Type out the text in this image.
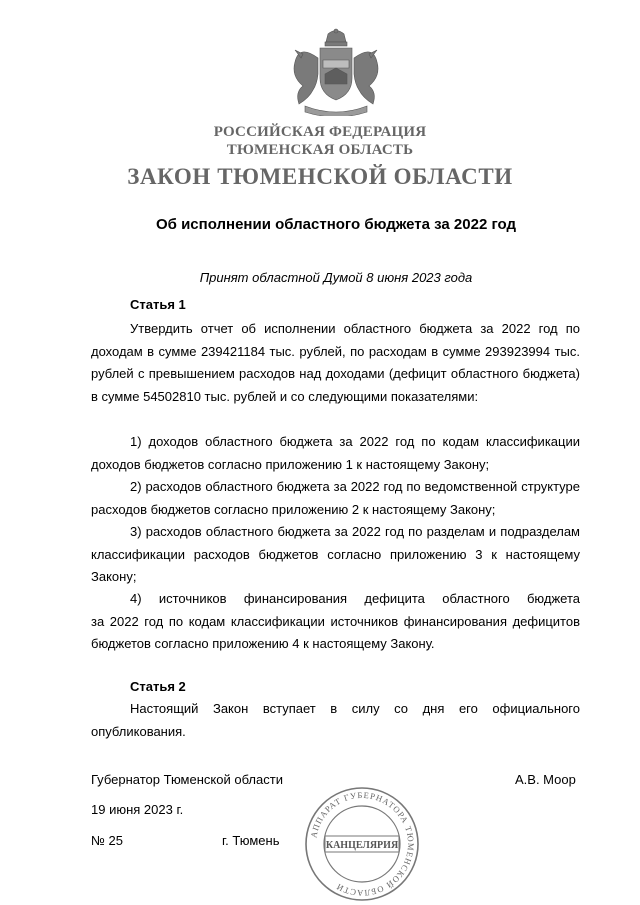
РОССИЙСКАЯ ФЕДЕРАЦИЯ
ТЮМЕНСКАЯ ОБЛАСТЬ
ЗАКОН ТЮМЕНСКОЙ ОБЛАСТИ
Об исполнении областного бюджета за 2022 год
Принят областной Думой 8 июня 2023 года
Статья 1

Утвердить отчет об исполнении областного бюджета за 2022 год по доходам в сумме 239421184 тыс. рублей, по расходам в сумме 293923994 тыс. рублей с превышением расходов над доходами (дефицит областного бюджета) в сумме 54502810 тыс. рублей и со следующими показателями:

1) доходов областного бюджета за 2022 год по кодам классификации доходов бюджетов согласно приложению 1 к настоящему Закону;

2) расходов областного бюджета за 2022 год по ведомственной структуре расходов бюджетов согласно приложению 2 к настоящему Закону;

3) расходов областного бюджета за 2022 год по разделам и подразделам классификации расходов бюджетов согласно приложению 3 к настоящему Закону;

4) источников финансирования дефицита областного бюджета
за 2022 год по кодам классификации источников финансирования дефицитов бюджетов согласно приложению 4 к настоящему Закону.
Статья 2

Настоящий Закон вступает в силу со дня его официального опубликования.

Губернатор Тюменской области	А.В. Моор
19 июня 2023 г.
№ 25	г. Тюмень	АППАРАТ ГУБЕРНАТОРА ТЮМЕНСКОЙ ОБЛАСТИ
КАНЦЕЛЯРИЯ
